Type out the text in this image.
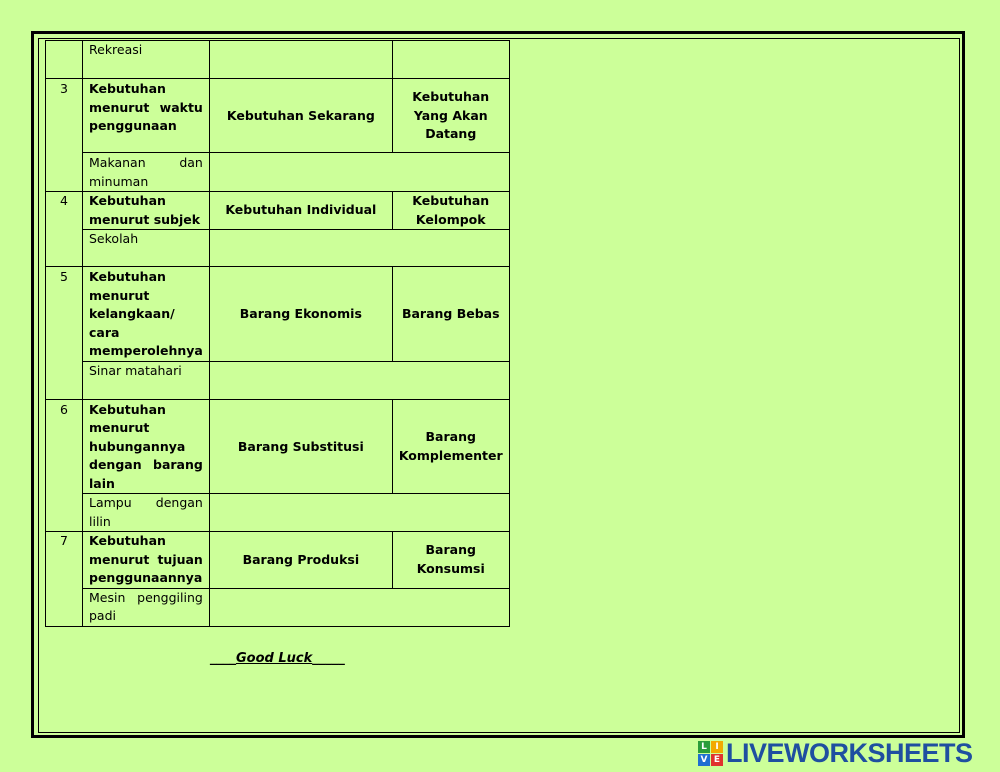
	Rekreasi		
3	Kebutuhan menurut waktu penggunaan	Kebutuhan Sekarang	Kebutuhan Yang Akan Datang
	Makanan dan minuman		
4	Kebutuhan menurut subjek	Kebutuhan Individual	Kebutuhan Kelompok
	Sekolah		
5	Kebutuhan menurut kelangkaan/ cara memperolehnya	Barang Ekonomis	Barang Bebas
	Sinar matahari		
6	Kebutuhan menurut hubungannya dengan barang lain	Barang Substitusi	Barang Komplementer
	Lampu dengan lilin		
7	Kebutuhan menurut tujuan penggunaannya	Barang Produksi	Barang Konsumsi
	Mesin penggiling padi		
____Good Luck_____
L I
V E LIVEWORKSHEETS
